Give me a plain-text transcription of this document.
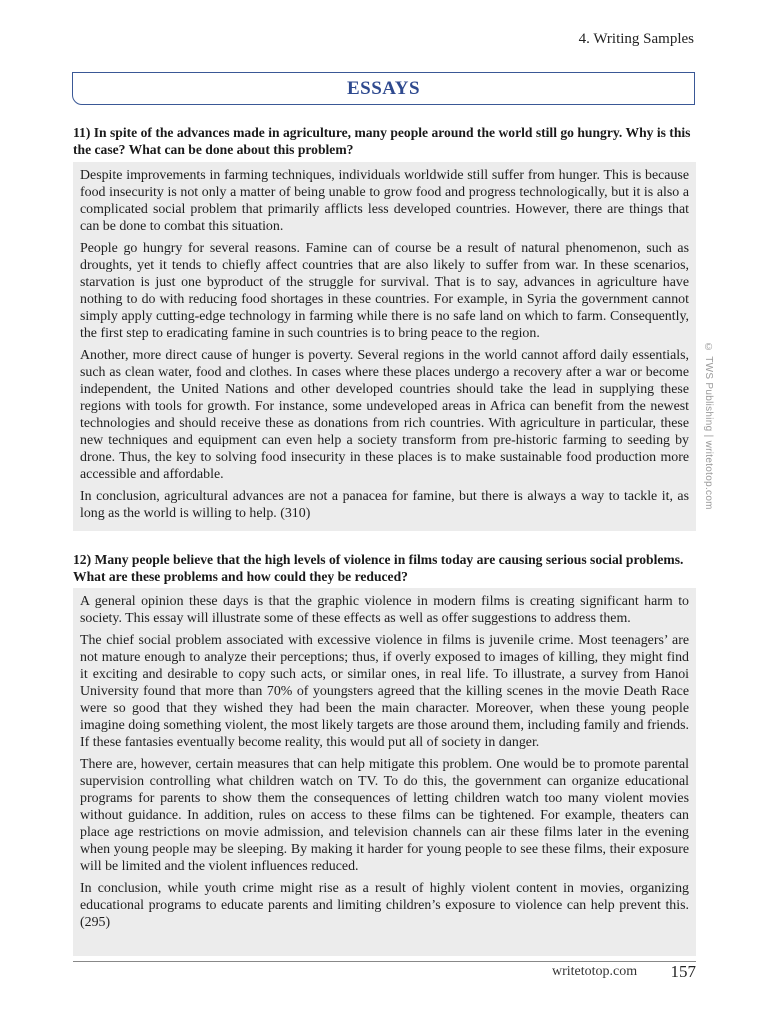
4. Writing Samples
ESSAYS
11) In spite of the advances made in agriculture, many people around the world still go hungry. Why is this the case? What can be done about this problem?

Despite improvements in farming techniques, individuals worldwide still suffer from hunger. This is because food insecurity is not only a matter of being unable to grow food and progress technologically, but it is also a complicated social problem that primarily afflicts less developed countries. However, there are things that can be done to combat this situation.

People go hungry for several reasons. Famine can of course be a result of natural phenomenon, such as droughts, yet it tends to chiefly affect countries that are also likely to suffer from war. In these scenarios, starvation is just one byproduct of the struggle for survival. That is to say, advances in agriculture have nothing to do with reducing food shortages in these countries. For example, in Syria the government cannot simply apply cutting-edge technology in farming while there is no safe land on which to farm. Consequently, the first step to eradicating famine in such countries is to bring peace to the region.

Another, more direct cause of hunger is poverty. Several regions in the world cannot afford daily essentials, such as clean water, food and clothes. In cases where these places undergo a recovery after a war or become independent, the United Nations and other developed countries should take the lead in supplying these regions with tools for growth. For instance, some undeveloped areas in Africa can benefit from the newest technologies and should receive these as donations from rich countries. With agriculture in particular, these new techniques and equipment can even help a society transform from pre-historic farming to seeding by drone. Thus, the key to solving food insecurity in these places is to make sustainable food production more accessible and affordable.

In conclusion, agricultural advances are not a panacea for famine, but there is always a way to tackle it, as long as the world is willing to help. (310)

© TWS Publishing | writetotop.com
12) Many people believe that the high levels of violence in films today are causing serious social problems. What are these problems and how could they be reduced?

A general opinion these days is that the graphic violence in modern films is creating significant harm to society. This essay will illustrate some of these effects as well as offer suggestions to address them.

The chief social problem associated with excessive violence in films is juvenile crime. Most teenagers’ are not mature enough to analyze their perceptions; thus, if overly exposed to images of killing, they might find it exciting and desirable to copy such acts, or similar ones, in real life. To illustrate, a survey from Hanoi University found that more than 70% of youngsters agreed that the killing scenes in the movie Death Race were so good that they wished they had been the main character. Moreover, when these young people imagine doing something violent, the most likely targets are those around them, including family and friends. If these fantasies eventually become reality, this would put all of society in danger.

There are, however, certain measures that can help mitigate this problem. One would be to promote parental supervision controlling what children watch on TV. To do this, the government can organize educational programs for parents to show them the consequences of letting children watch too many violent movies without guidance. In addition, rules on access to these films can be tightened. For example, theaters can place age restrictions on movie admission, and television channels can air these films later in the evening when young people may be sleeping. By making it harder for young people to see these films, their exposure will be limited and the violent influences reduced.

In conclusion, while youth crime might rise as a result of highly violent content in movies, organizing educational programs to educate parents and limiting children’s exposure to violence can help prevent this. (295)

writetotop.com 157
